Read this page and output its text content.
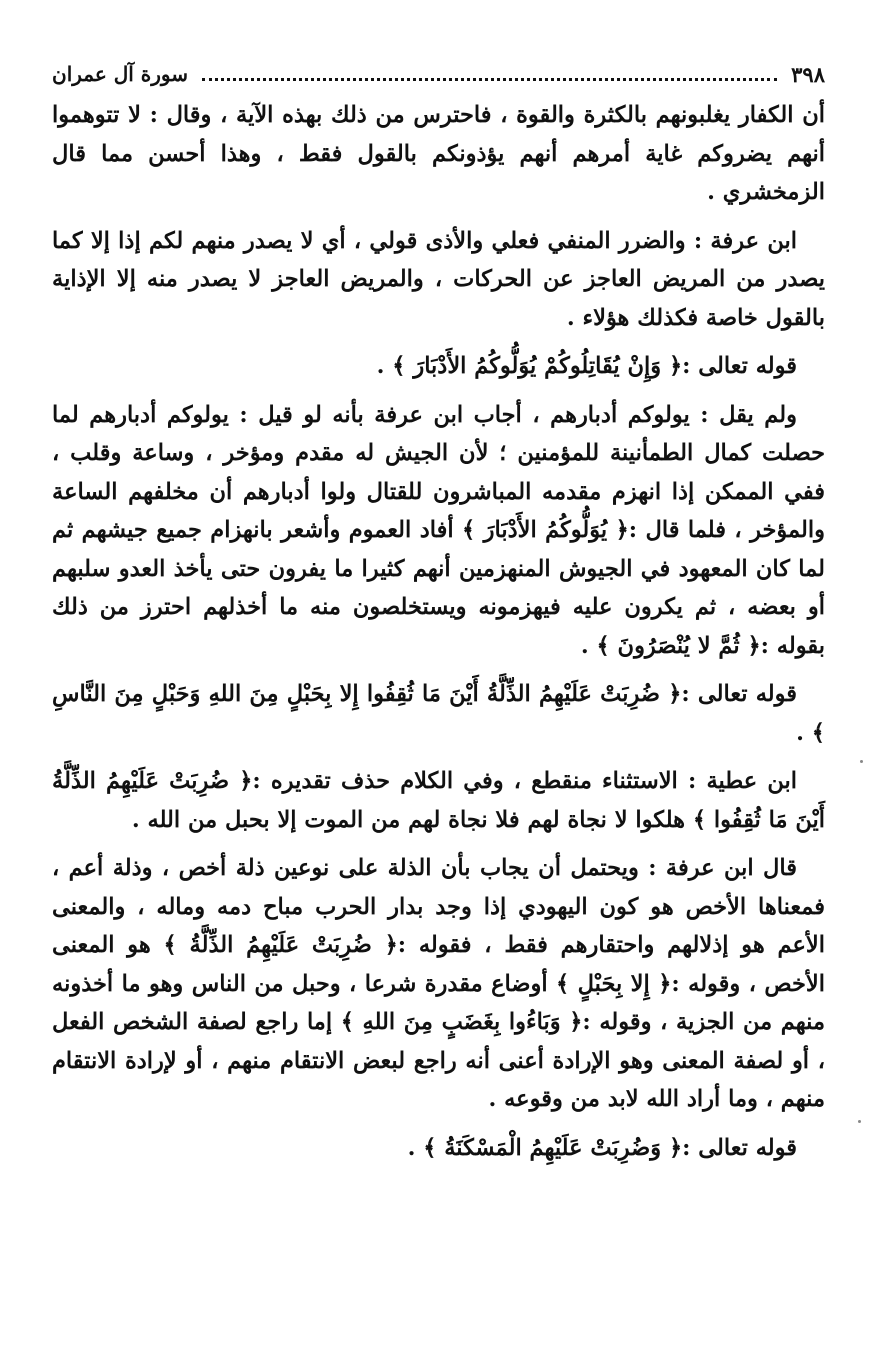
٣٩٨
سورة آل عمران

أن الكفار يغلبونهم بالكثرة والقوة ، فاحترس من ذلك بهذه الآية ، وقال : لا تتوهموا أنهم يضروكم غاية أمرهم أنهم يؤذونكم بالقول فقط ، وهذا أحسن مما قال الزمخشري .

ابن عرفة : والضرر المنفي فعلي والأذى قولي ، أي لا يصدر منهم لكم إذا إلا كما يصدر من المريض العاجز عن الحركات ، والمريض العاجز لا يصدر منه إلا الإذاية بالقول خاصة فكذلك هؤلاء .

قوله تعالى :﴿ وَإِنْ يُقَاتِلُوكُمْ يُوَلُّوكُمُ الأَدْبَارَ ﴾ .

ولم يقل : يولوكم أدبارهم ، أجاب ابن عرفة بأنه لو قيل : يولوكم أدبارهم لما حصلت كمال الطمأنينة للمؤمنين ؛ لأن الجيش له مقدم ومؤخر ، وساعة وقلب ، ففي الممكن إذا انهزم مقدمه المباشرون للقتال ولوا أدبارهم أن مخلفهم الساعة والمؤخر ، فلما قال :﴿ يُوَلُّوكُمُ الأَدْبَارَ ﴾ أفاد العموم وأشعر بانهزام جميع جيشهم ثم لما كان المعهود في الجيوش المنهزمين أنهم كثيرا ما يفرون حتى يأخذ العدو سلبهم أو بعضه ، ثم يكرون عليه فيهزمونه ويستخلصون منه ما أخذلهم احترز من ذلك بقوله :﴿ ثُمَّ لا يُنْصَرُونَ ﴾ .

قوله تعالى :﴿ ضُرِبَتْ عَلَيْهِمُ الذِّلَّةُ أَيْنَ مَا ثُقِفُوا إِلا بِحَبْلٍ مِنَ اللهِ وَحَبْلٍ مِنَ النَّاسِ ﴾ .

ابن عطية : الاستثناء منقطع ، وفي الكلام حذف تقديره :﴿ ضُرِبَتْ عَلَيْهِمُ الذِّلَّةُ أَيْنَ مَا ثُقِفُوا ﴾ هلكوا لا نجاة لهم فلا نجاة لهم من الموت إلا بحبل من الله .

قال ابن عرفة : ويحتمل أن يجاب بأن الذلة على نوعين ذلة أخص ، وذلة أعم ، فمعناها الأخص هو كون اليهودي إذا وجد بدار الحرب مباح دمه وماله ، والمعنى الأعم هو إذلالهم واحتقارهم فقط ، فقوله :﴿ ضُرِبَتْ عَلَيْهِمُ الذِّلَّةُ ﴾ هو المعنى الأخص ، وقوله :﴿ إِلا بِحَبْلٍ ﴾ أوضاع مقدرة شرعا ، وحبل من الناس وهو ما أخذونه منهم من الجزية ، وقوله :﴿ وَبَاءُوا بِغَضَبٍ مِنَ اللهِ ﴾ إما راجع لصفة الشخص الفعل ، أو لصفة المعنى وهو الإرادة أعنى أنه راجع لبعض الانتقام منهم ، أو لإرادة الانتقام منهم ، وما أراد الله لابد من وقوعه .

قوله تعالى :﴿ وَضُرِبَتْ عَلَيْهِمُ الْمَسْكَنَةُ ﴾ .
